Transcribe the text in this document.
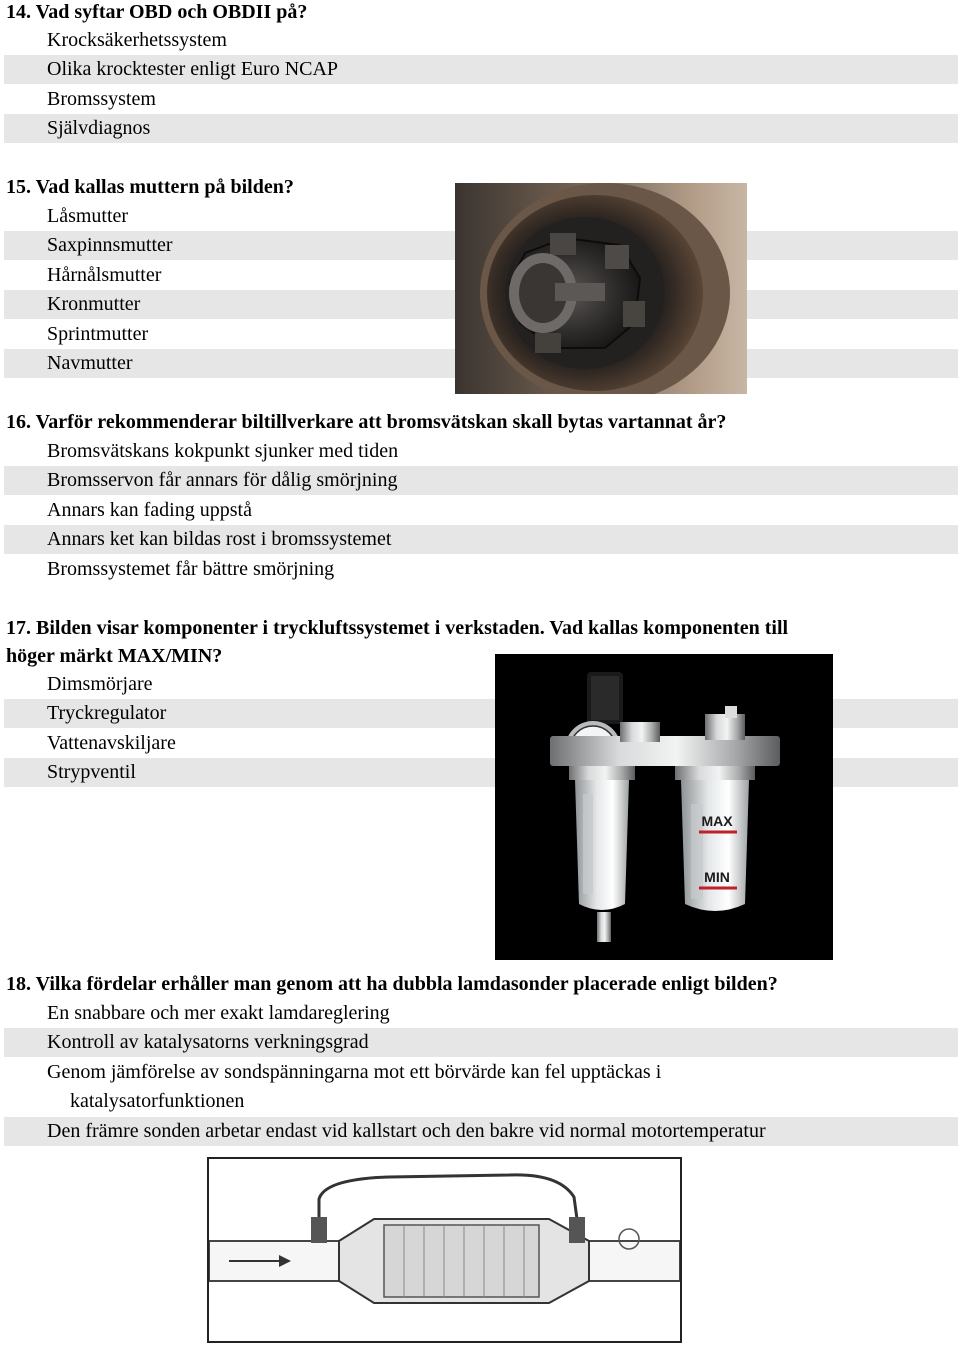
14. Vad syftar OBD och OBDII på?
Krocksäkerhetssystem
Olika krocktester enligt Euro NCAP
Bromssystem
Självdiagnos
15. Vad kallas muttern på bilden?
Låsmutter
Saxpinnsmutter
Hårnålsmutter
Kronmutter
Sprintmutter
Navmutter
16. Varför rekommenderar biltillverkare att bromsvätskan skall bytas vartannat år?
Bromsvätskans kokpunkt sjunker med tiden
Bromsservon får annars för dålig smörjning
Annars kan fading uppstå
Annars ket kan bildas rost i bromssystemet
Bromssystemet får bättre smörjning
17. Bilden visar komponenter i tryckluftssystemet i verkstaden. Vad kallas komponenten till
höger märkt MAX/MIN?
Dimsmörjare
Tryckregulator
Vattenavskiljare
Strypventil
MAX
MIN
18. Vilka fördelar erhåller man genom att ha dubbla lamdasonder placerade enligt bilden?
En snabbare och mer exakt lamdareglering
Kontroll av katalysatorns verkningsgrad
Genom jämförelse av sondspänningarna mot ett börvärde kan fel upptäckas i
katalysatorfunktionen
Den främre sonden arbetar endast vid kallstart och den bakre vid normal motortemperatur
